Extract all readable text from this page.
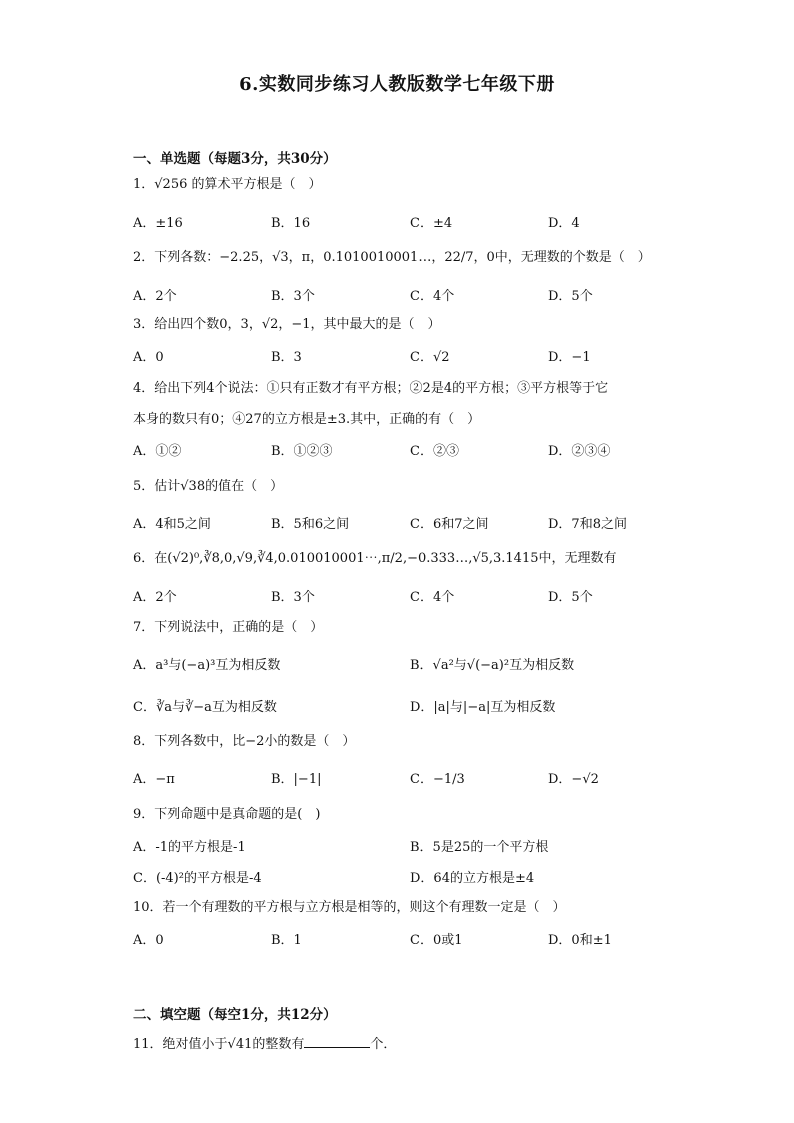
6.实数同步练习人教版数学七年级下册
一、单选题（每题3分，共30分）
1．√256 的算术平方根是（　）
A．±16	B．16	C．±4	D．4
2．下列各数：−2.25，√3，π，0.1010010001…，22/7，0中，无理数的个数是（　）
A．2个	B．3个	C．4个	D．5个
3．给出四个数0，3，√2，−1，其中最大的是（　）
A．0	B．3	C．√2	D．−1
4．给出下列4个说法：①只有正数才有平方根；②2是4的平方根；③平方根等于它
本身的数只有0；④27的立方根是±3.其中，正确的有（　）
A．①②	B．①②③	C．②③	D．②③④
5．估计√38的值在（　）
A．4和5之间	B．5和6之间	C．6和7之间	D．7和8之间
6．在(√2)⁰,∛8,0,√9,∛4,0.010010001⋯,π/2,−0.333…,√5,3.1415中，无理数有
A．2个	B．3个	C．4个	D．5个
7．下列说法中，正确的是（　）
A．a³与(−a)³互为相反数	B．√a²与√(−a)²互为相反数
C．∛a与∛−a互为相反数	D．|a|与|−a|互为相反数
8．下列各数中，比−2小的数是（　）
A．−π	B．|−1|	C．−1/3	D．−√2
9．下列命题中是真命题的是(　)
A．-1的平方根是-1	B．5是25的一个平方根
C．(-4)²的平方根是-4	D．64的立方根是±4
10．若一个有理数的平方根与立方根是相等的，则这个有理数一定是（　）
A．0	B．1	C．0或1	D．0和±1
二、填空题（每空1分，共12分）
11．绝对值小于√41的整数有	个．
